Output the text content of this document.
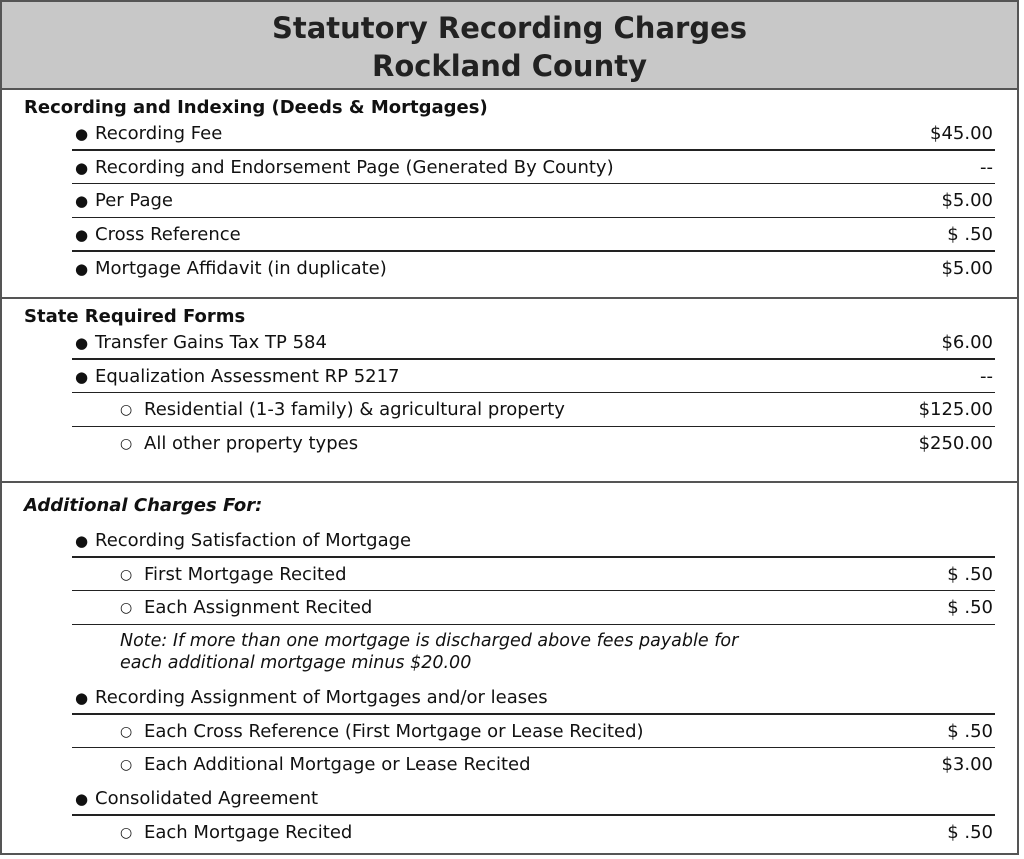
Statutory Recording Charges
Rockland County
Recording and Indexing (Deeds & Mortgages)
● Recording Fee	$45.00
● Recording and Endorsement Page (Generated By County)	--
● Per Page	$5.00
● Cross Reference	$ .50
● Mortgage Affidavit (in duplicate)	$5.00
State Required Forms
● Transfer Gains Tax TP 584	$6.00
● Equalization Assessment RP 5217	--
○ Residential (1-3 family) & agricultural property	$125.00
○ All other property types	$250.00
Additional Charges For:
● Recording Satisfaction of Mortgage
○ First Mortgage Recited	$ .50
○ Each Assignment Recited	$ .50
Note: If more than one mortgage is discharged above fees payable for
each additional mortgage minus $20.00
● Recording Assignment of Mortgages and/or leases
○ Each Cross Reference (First Mortgage or Lease Recited)	$ .50
○ Each Additional Mortgage or Lease Recited	$3.00
● Consolidated Agreement
○ Each Mortgage Recited	$ .50
